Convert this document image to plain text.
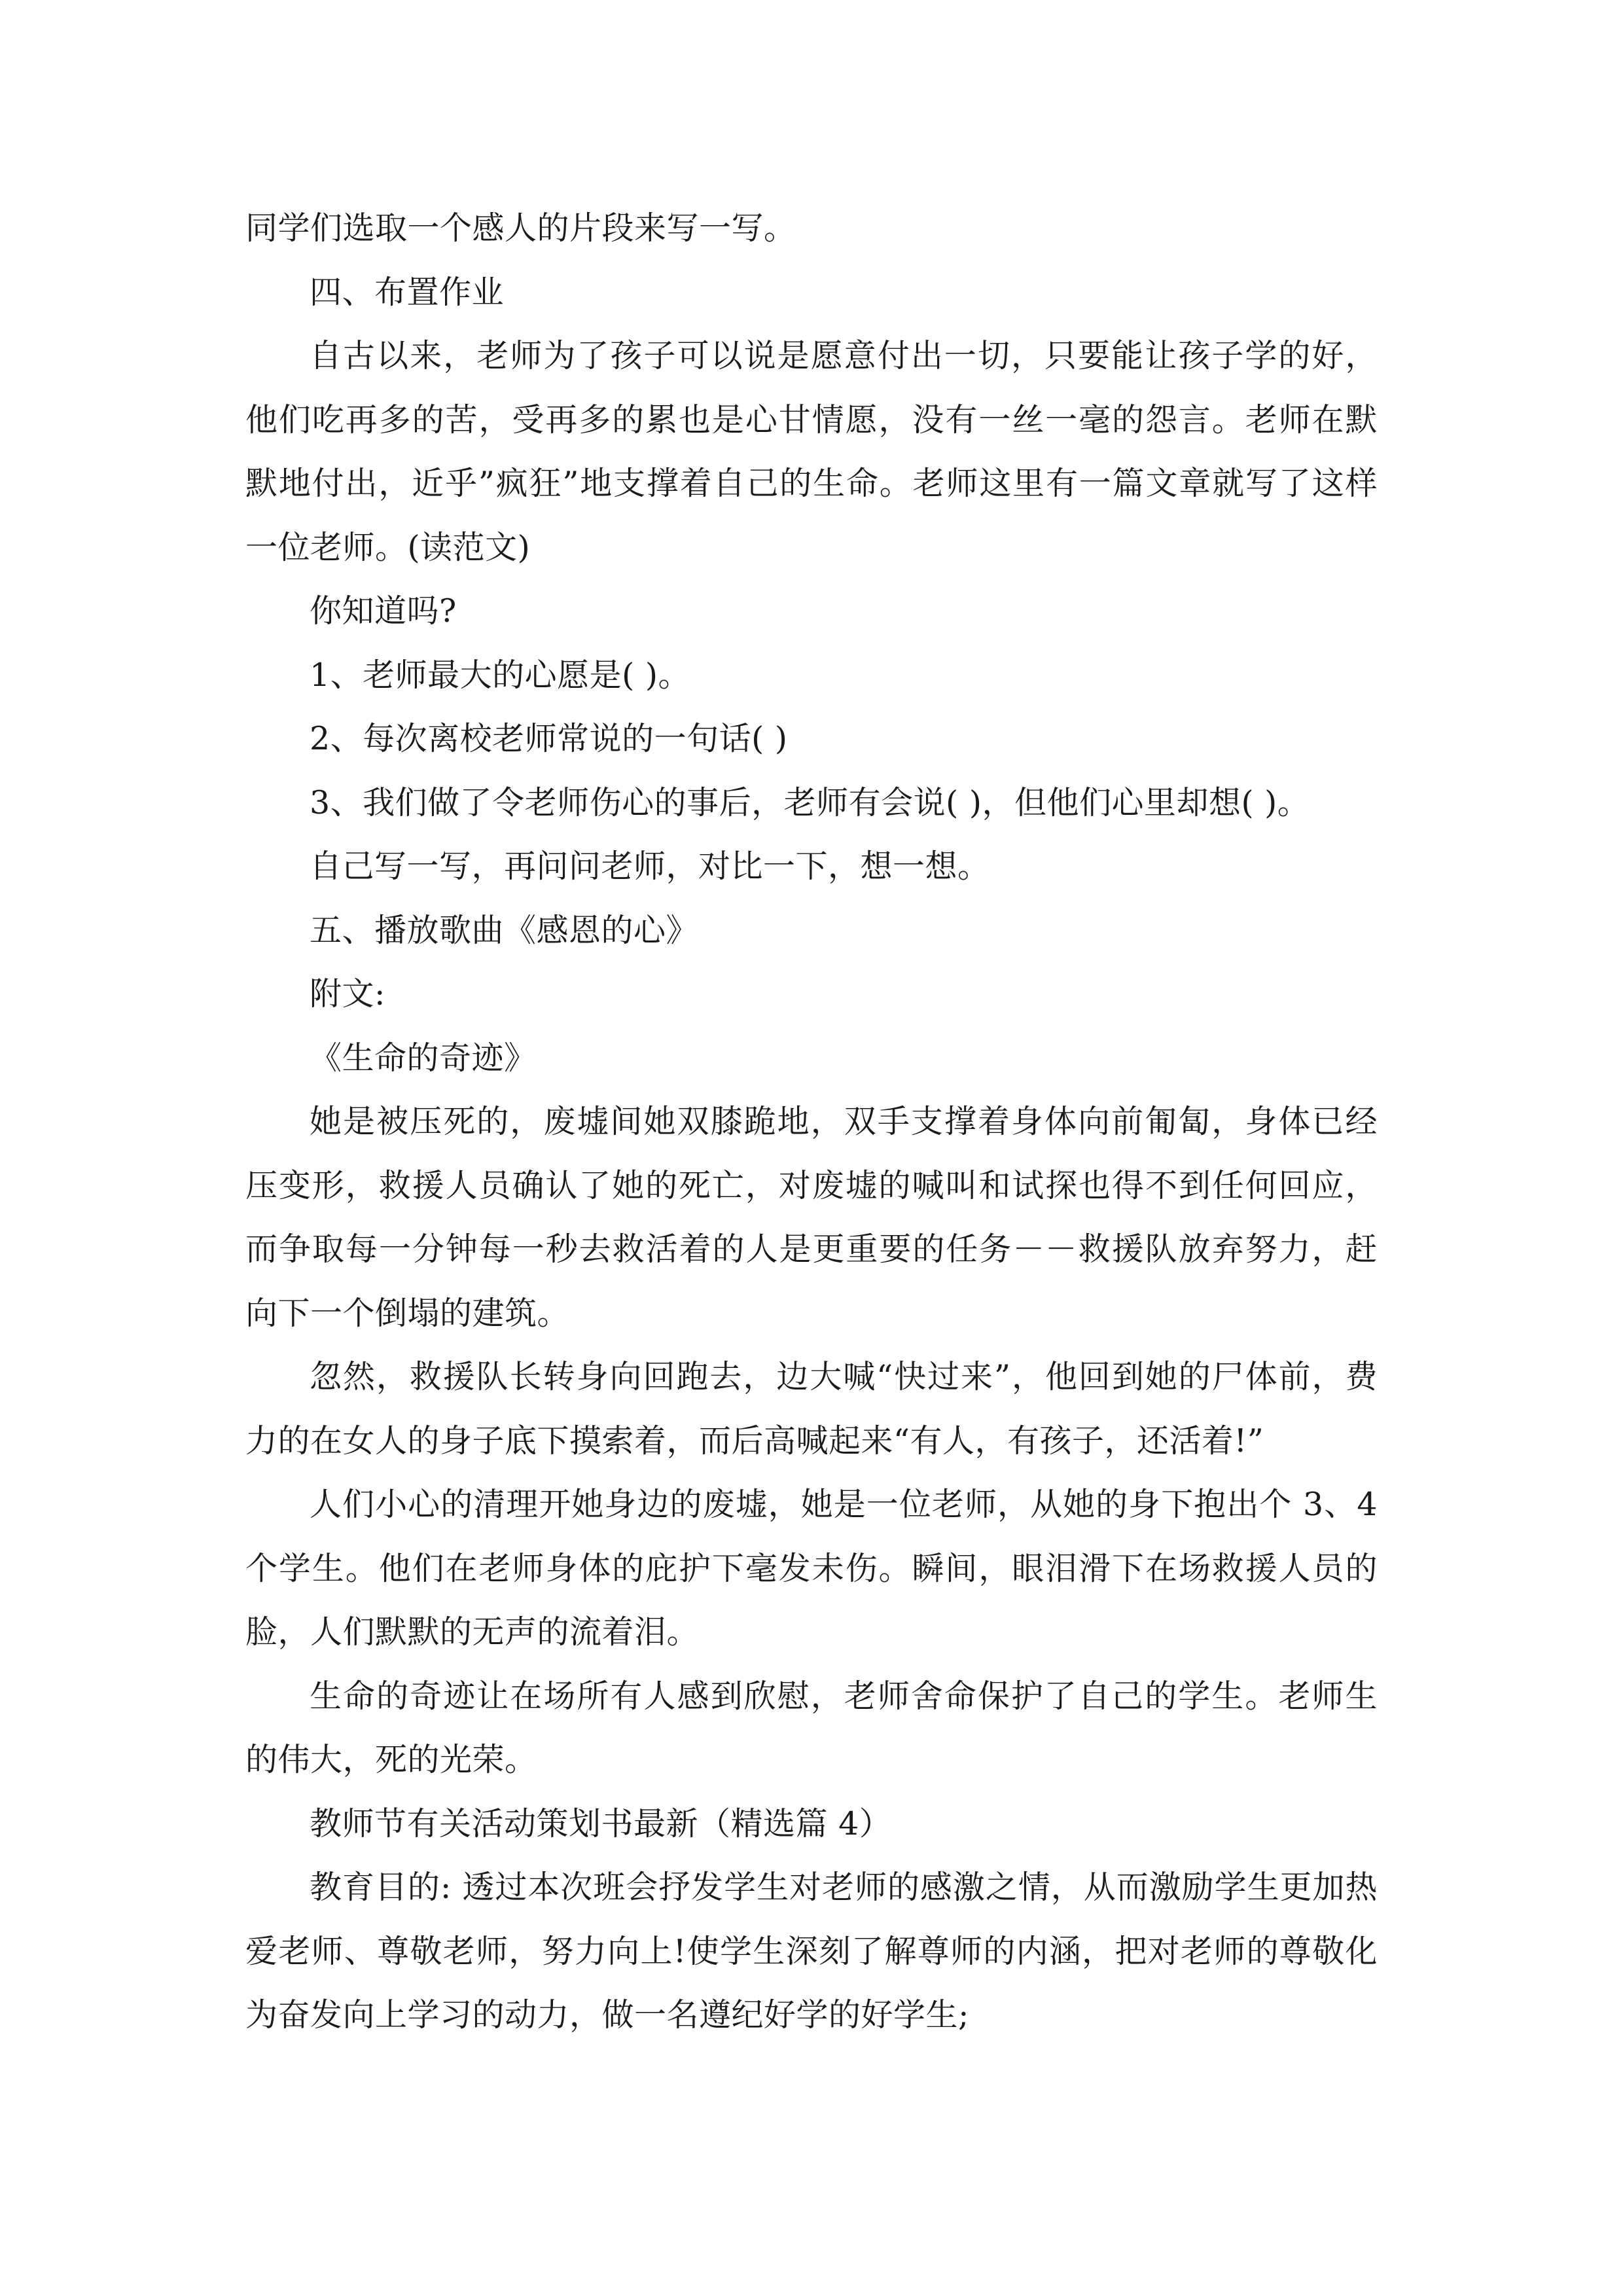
同学们选取一个感人的片段来写一写。

四、布置作业

自古以来，老师为了孩子可以说是愿意付出一切，只要能让孩子学的好，他们吃再多的苦，受再多的累也是心甘情愿，没有一丝一毫的怨言。老师在默默地付出，近乎”疯狂”地支撑着自己的生命。老师这里有一篇文章就写了这样一位老师。(读范文)

你知道吗?

1、老师最大的心愿是( )。

2、每次离校老师常说的一句话( )

3、我们做了令老师伤心的事后，老师有会说( )，但他们心里却想( )。

自己写一写，再问问老师，对比一下，想一想。

五、播放歌曲《感恩的心》

附文:

《生命的奇迹》

她是被压死的，废墟间她双膝跪地，双手支撑着身体向前匍匐，身体已经压变形，救援人员确认了她的死亡，对废墟的喊叫和试探也得不到任何回应，而争取每一分钟每一秒去救活着的人是更重要的任务－－救援队放弃努力，赶向下一个倒塌的建筑。

忽然，救援队长转身向回跑去，边大喊“快过来”，他回到她的尸体前，费力的在女人的身子底下摸索着，而后高喊起来“有人，有孩子，还活着!”

人们小心的清理开她身边的废墟，她是一位老师，从她的身下抱出个 3、4 个学生。他们在老师身体的庇护下毫发未伤。瞬间，眼泪滑下在场救援人员的脸，人们默默的无声的流着泪。

生命的奇迹让在场所有人感到欣慰，老师舍命保护了自己的学生。老师生的伟大，死的光荣。

教师节有关活动策划书最新（精选篇 4）

教育目的: 透过本次班会抒发学生对老师的感激之情，从而激励学生更加热爱老师、尊敬老师，努力向上!使学生深刻了解尊师的内涵，把对老师的尊敬化为奋发向上学习的动力，做一名遵纪好学的好学生;
